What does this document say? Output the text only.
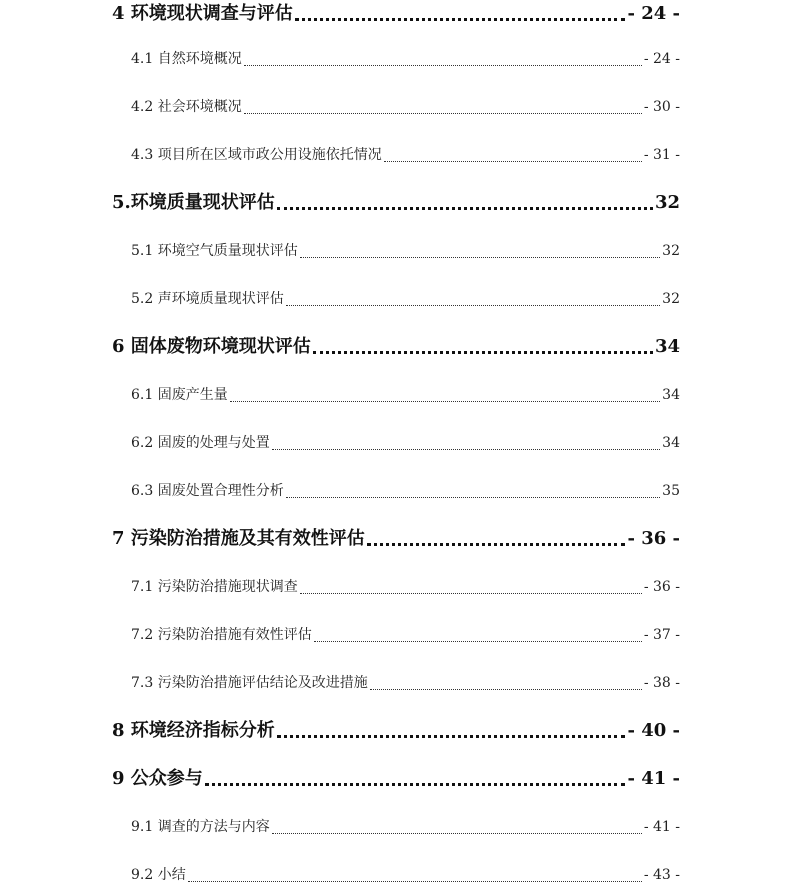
4 环境现状调查与评估	- 24 -
4.1 自然环境概况	- 24 -
4.2 社会环境概况	- 30 -
4.3 项目所在区域市政公用设施依托情况	- 31 -
5.环境质量现状评估	32
5.1 环境空气质量现状评估	32
5.2 声环境质量现状评估	32
6 固体废物环境现状评估	34
6.1 固废产生量	34
6.2 固废的处理与处置	34
6.3 固废处置合理性分析	35
7 污染防治措施及其有效性评估	- 36 -
7.1 污染防治措施现状调查	- 36 -
7.2 污染防治措施有效性评估	- 37 -
7.3 污染防治措施评估结论及改进措施	- 38 -
8 环境经济指标分析	- 40 -
9 公众参与	- 41 -
9.1 调查的方法与内容	- 41 -
9.2 小结	- 43 -
